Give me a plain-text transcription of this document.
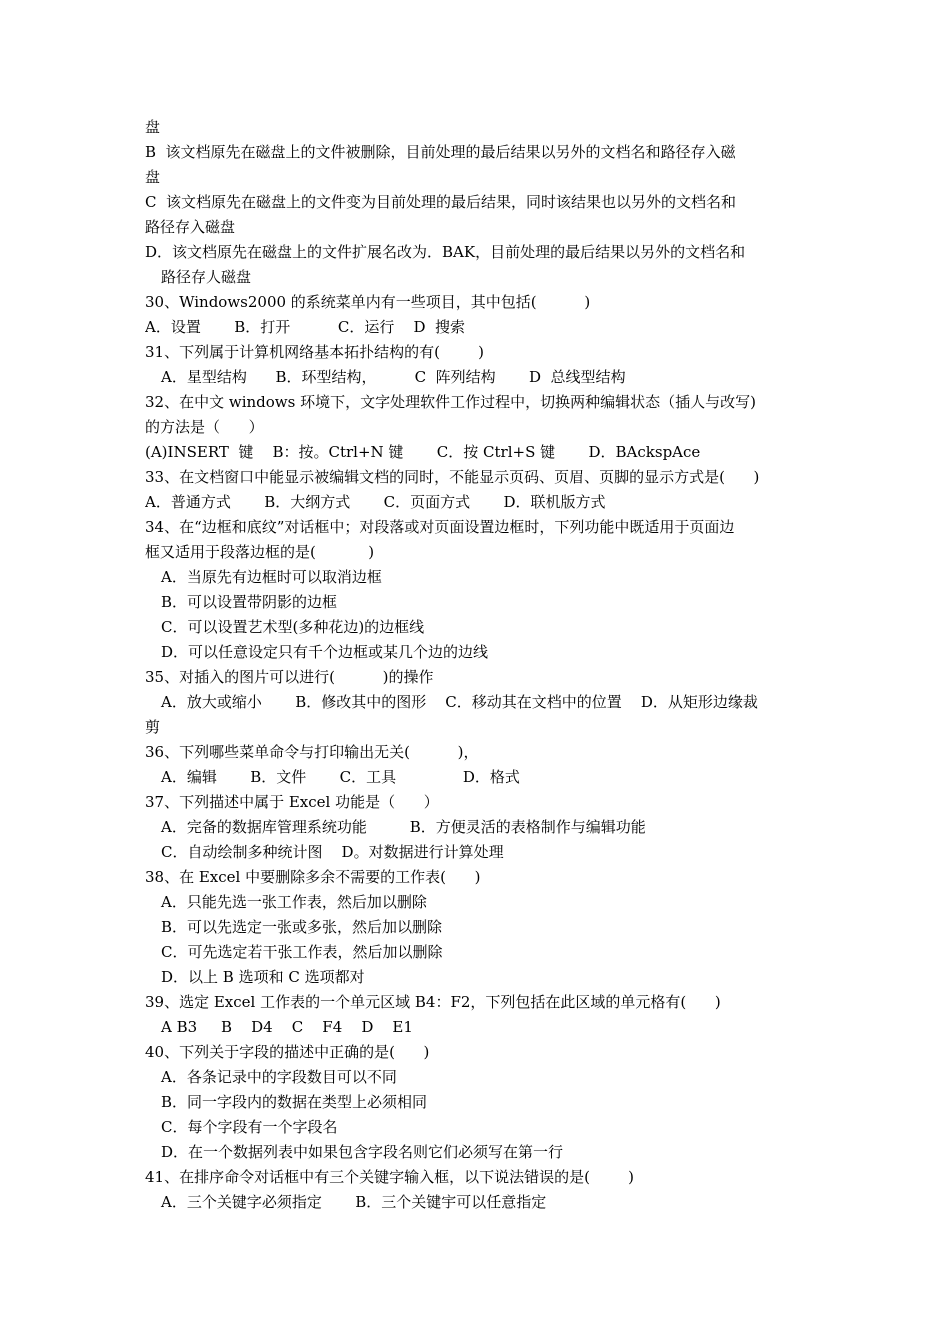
盘
B  该文档原先在磁盘上的文件被删除，目前处理的最后结果以另外的文档名和路径存入磁
盘
C  该文档原先在磁盘上的文件变为目前处理的最后结果，同时该结果也以另外的文档名和
路径存入磁盘
D．该文档原先在磁盘上的文件扩展名改为．BAK，目前处理的最后结果以另外的文档名和
路径存人磁盘
30、Windows2000 的系统菜单内有一些项目，其中包括(          )
A．设置       B．打开          C．运行    D  搜索
31、下列属于计算机网络基本拓扑结构的有(        )
A．星型结构      B．环型结构，        C  阵列结构       D  总线型结构
32、在中文 windows 环境下，文字处理软件工作过程中，切换两种编辑状态（插人与改写)
的方法是（      ）
(A)INSERT  键    B：按。Ctrl+N 键       C．按 Ctrl+S 键       D．BAckspAce
33、在文档窗口中能显示被编辑文档的同时，不能显示页码、页眉、页脚的显示方式是(      )
A．普通方式       B．大纲方式       C．页面方式       D．联机版方式
34、在“边框和底纹”对话框中；对段落或对页面设置边框时，下列功能中既适用于页面边
框又适用于段落边框的是(           )
A．当原先有边框时可以取消边框
B．可以设置带阴影的边框
C．可以设置艺术型(多种花边)的边框线
D．可以任意设定只有千个边框或某几个边的边线
35、对插入的图片可以进行(          )的操作
A．放大或缩小       B．修改其中的图形    C．移动其在文档中的位置    D．从矩形边缘裁
剪
36、下列哪些菜单命令与打印输出无关(          )，
A．编辑       B．文件       C．工具              D．格式
37、下列描述中属于 Excel 功能是（      ）
A．完备的数据库管理系统功能         B．方便灵活的表格制作与编辑功能
C．自动绘制多种统计图    D。对数据进行计算处理
38、在 Excel 中要删除多余不需要的工作表(      )
A．只能先选一张工作表，然后加以删除
B．可以先选定一张或多张，然后加以删除
C．可先选定若干张工作表，然后加以删除
D．以上 B 选项和 C 选项都对
39、选定 Excel 工作表的一个单元区域 B4：F2，下列包括在此区域的单元格有(      )
A B3     B    D4    C    F4    D    E1
40、下列关于字段的描述中正确的是(      )
A．各条记录中的字段数目可以不同
B．同一字段内的数据在类型上必须相同
C．每个字段有一个字段名
D．在一个数据列表中如果包含字段名则它们必须写在第一行
41、在排序命令对话框中有三个关键字输入框，以下说法错误的是(        )
A．三个关键字必须指定       B．三个关键宇可以任意指定
